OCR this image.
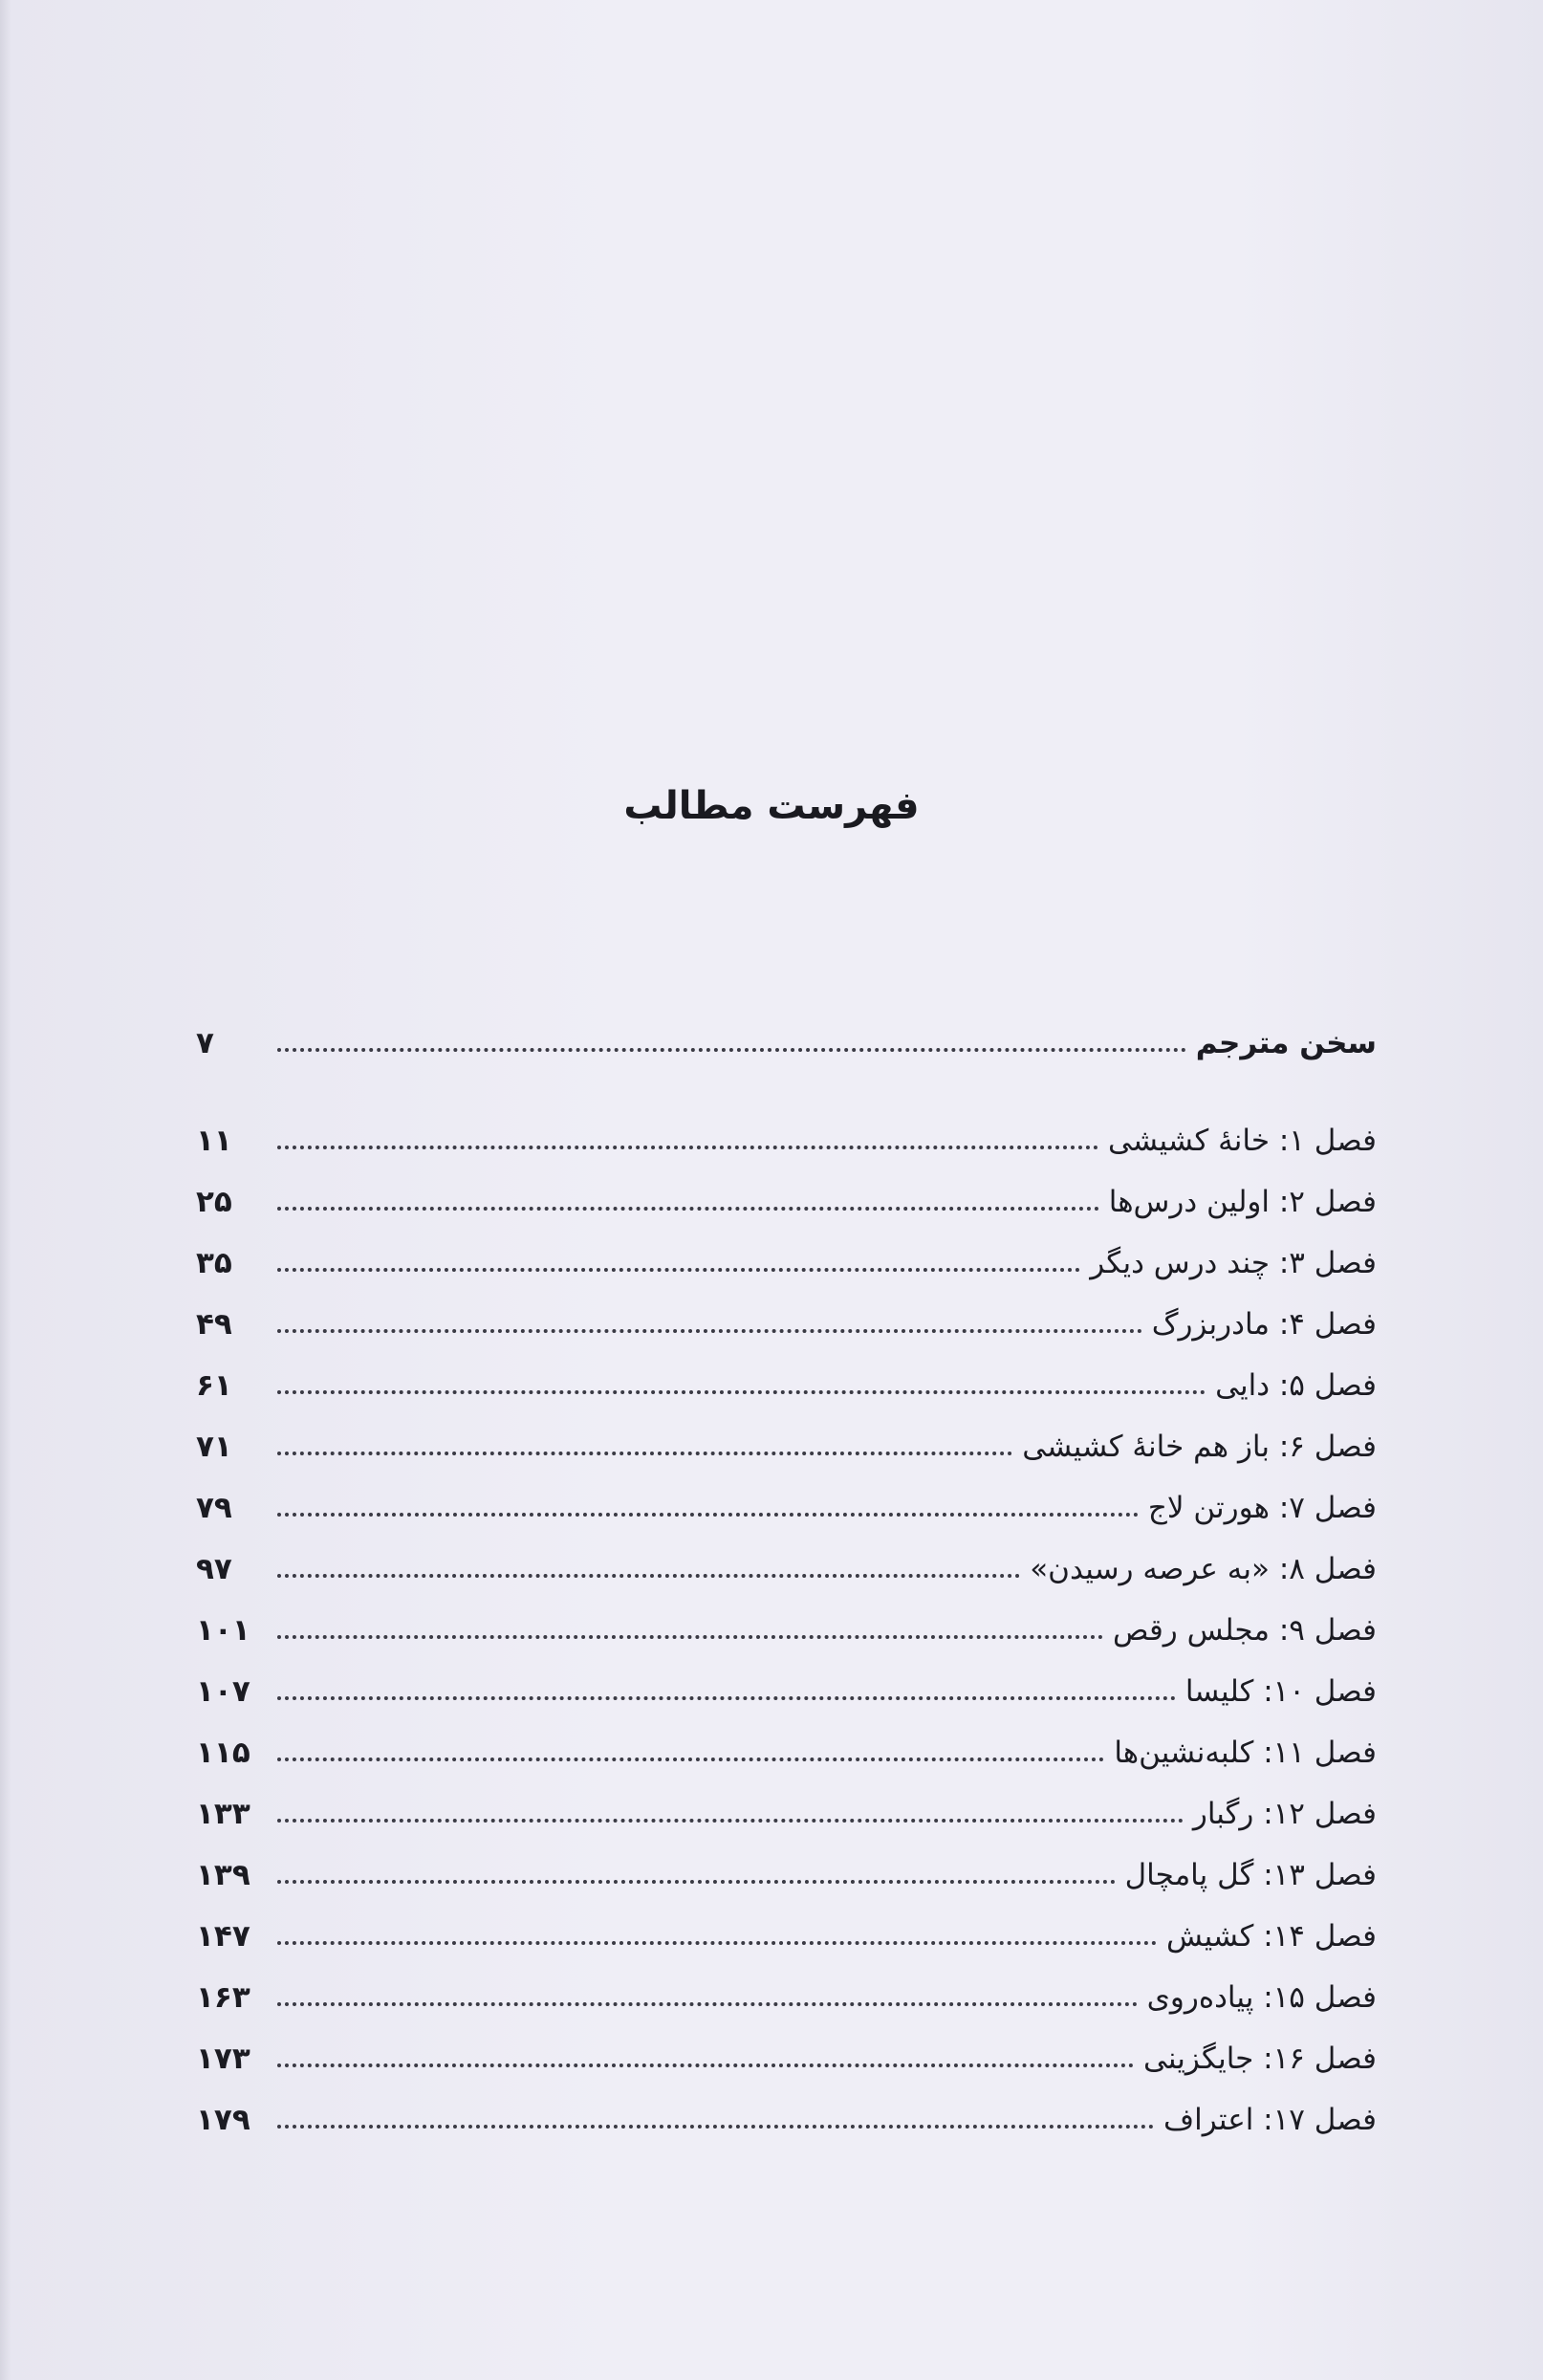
فهرست مطالب
۷	سخن مترجم
۱۱	فصل ۱: خانهٔ کشیشی
۲۵	فصل ۲: اولین درس‌ها
۳۵	فصل ۳: چند درس دیگر
۴۹	فصل ۴: مادربزرگ
۶۱	فصل ۵: دایی
۷۱	فصل ۶: باز هم خانهٔ کشیشی
۷۹	فصل ۷: هورتن لاج
۹۷	فصل ۸: «به عرصه رسیدن»
۱۰۱	فصل ۹: مجلس رقص
۱۰۷	فصل ۱۰: کلیسا
۱۱۵	فصل ۱۱: کلبه‌نشین‌ها
۱۳۳	فصل ۱۲: رگبار
۱۳۹	فصل ۱۳: گل پامچال
۱۴۷	فصل ۱۴: کشیش
۱۶۳	فصل ۱۵: پیاده‌روی
۱۷۳	فصل ۱۶: جایگزینی
۱۷۹	فصل ۱۷: اعتراف
